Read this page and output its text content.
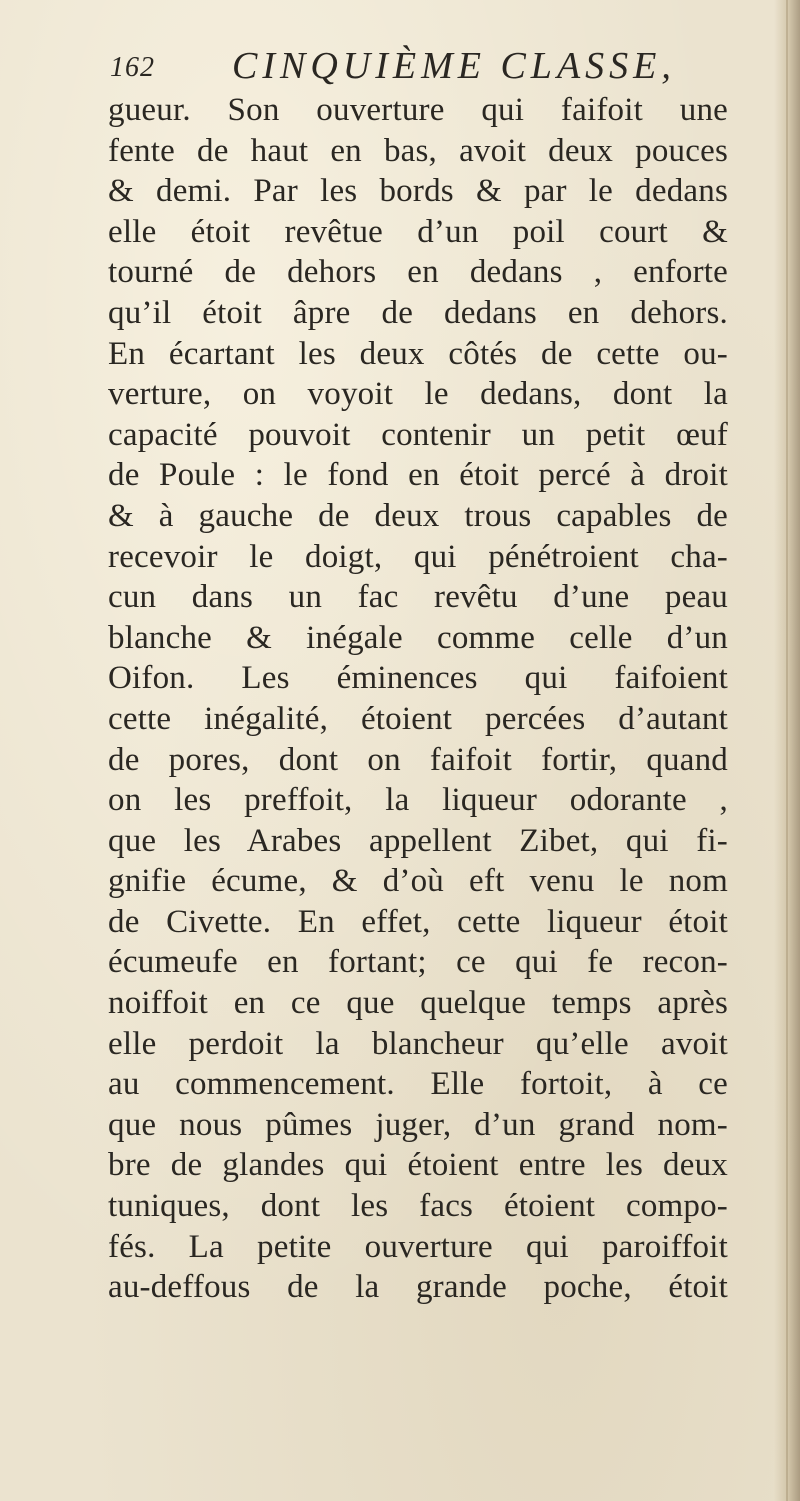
162 CINQUIÈME CLASSE,
gueur. Son ouverture qui faifoit une
fente de haut en bas, avoit deux pouces
& demi. Par les bords & par le dedans
elle étoit revêtue d’un poil court &
tourné de dehors en dedans , enforte
qu’il étoit âpre de dedans en dehors.
En écartant les deux côtés de cette ou-
verture, on voyoit le dedans, dont la
capacité pouvoit contenir un petit œuf
de Poule : le fond en étoit percé à droit
& à gauche de deux trous capables de
recevoir le doigt, qui pénétroient cha-
cun dans un fac revêtu d’une peau
blanche & inégale comme celle d’un
Oifon. Les éminences qui faifoient
cette inégalité, étoient percées d’autant
de pores, dont on faifoit fortir, quand
on les preffoit, la liqueur odorante ,
que les Arabes appellent Zibet, qui fi-
gnifie écume, & d’où eft venu le nom
de Civette. En effet, cette liqueur étoit
écumeufe en fortant; ce qui fe recon-
noiffoit en ce que quelque temps après
elle perdoit la blancheur qu’elle avoit
au commencement. Elle fortoit, à ce
que nous pûmes juger, d’un grand nom-
bre de glandes qui étoient entre les deux
tuniques, dont les facs étoient compo-
fés. La petite ouverture qui paroiffoit
au-deffous de la grande poche, étoit
